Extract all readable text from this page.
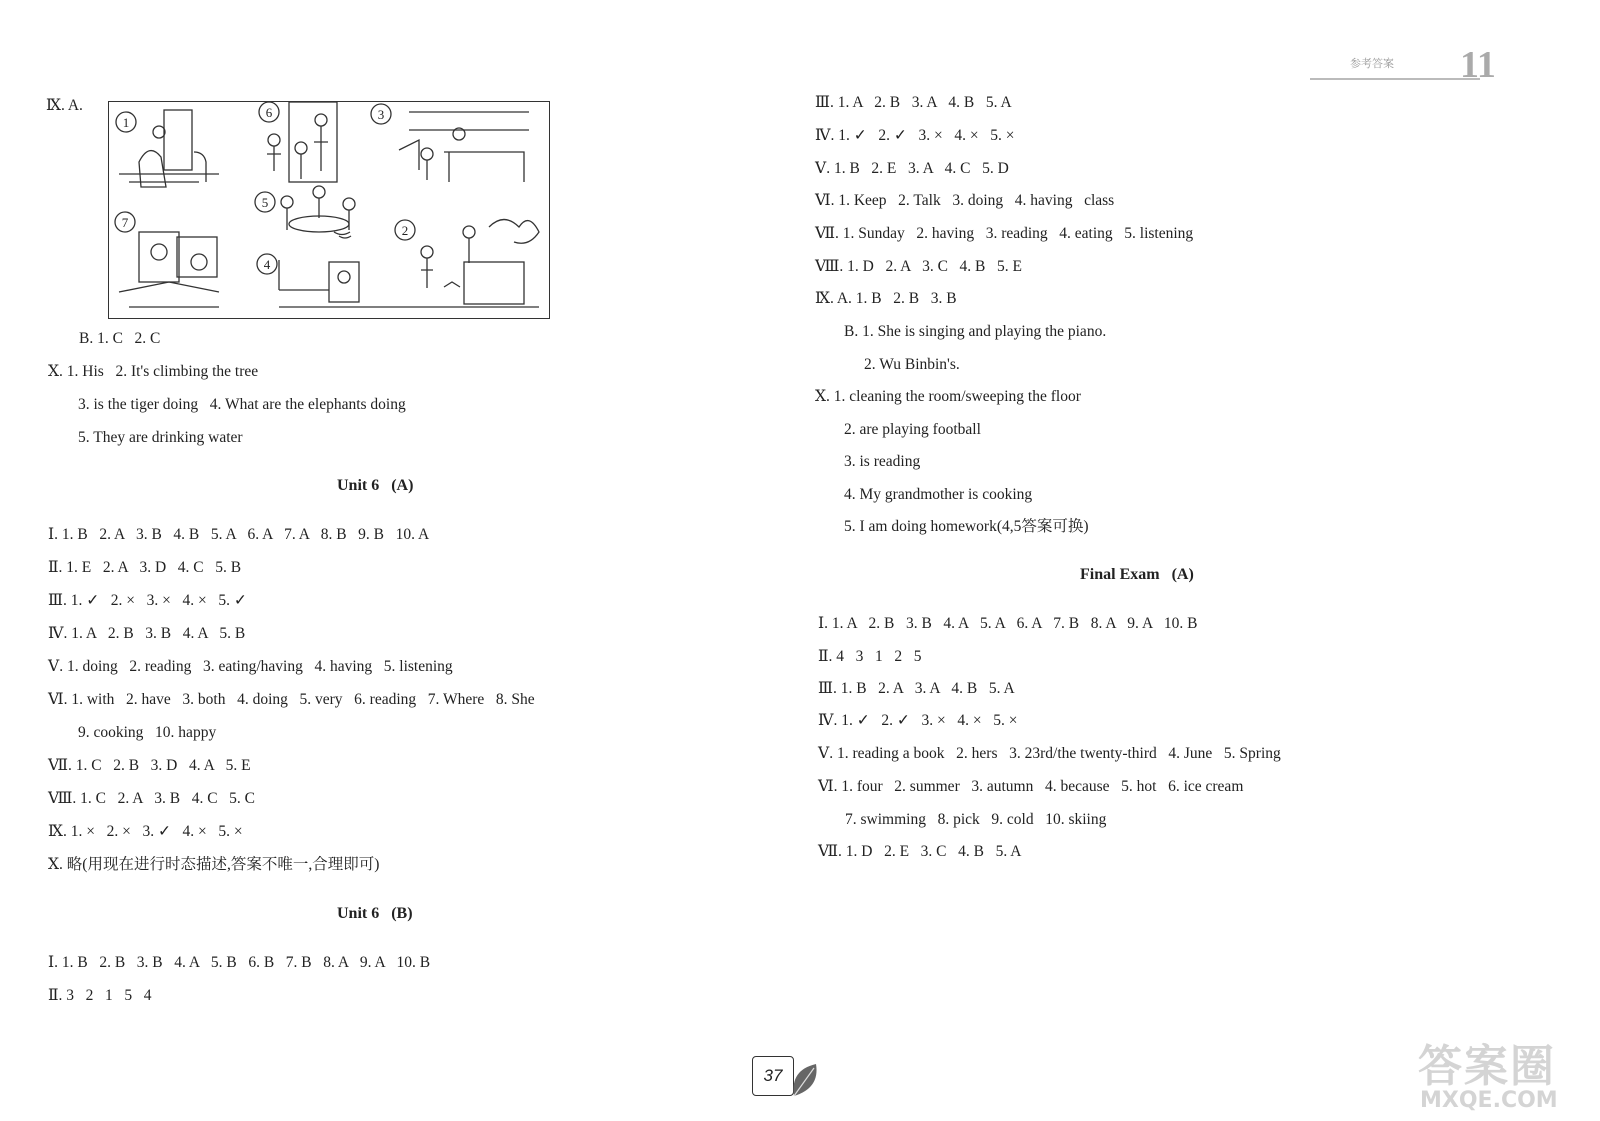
参考答案 11
Ⅸ. A.
1
6	3
7
5
2
4
B. 1. C   2. C
Ⅹ. 1. His   2. It's climbing the tree
3. is the tiger doing   4. What are the elephants doing
5. They are drinking water
Unit 6   (A)
Ⅰ. 1. B   2. A   3. B   4. B   5. A   6. A   7. A   8. B   9. B   10. A
Ⅱ. 1. E   2. A   3. D   4. C   5. B
Ⅲ. 1. ✓   2. ×   3. ×   4. ×   5. ✓
Ⅳ. 1. A   2. B   3. B   4. A   5. B
Ⅴ. 1. doing   2. reading   3. eating/having   4. having   5. listening
Ⅵ. 1. with   2. have   3. both   4. doing   5. very   6. reading   7. Where   8. She
9. cooking   10. happy
Ⅶ. 1. C   2. B   3. D   4. A   5. E
Ⅷ. 1. C   2. A   3. B   4. C   5. C
Ⅸ. 1. ×   2. ×   3. ✓   4. ×   5. ×
Ⅹ. 略(用现在进行时态描述,答案不唯一,合理即可)
Unit 6   (B)
Ⅰ. 1. B   2. B   3. B   4. A   5. B   6. B   7. B   8. A   9. A   10. B
Ⅱ. 3   2   1   5   4
Ⅲ. 1. A   2. B   3. A   4. B   5. A
Ⅳ. 1. ✓   2. ✓   3. ×   4. ×   5. ×
Ⅴ. 1. B   2. E   3. A   4. C   5. D
Ⅵ. 1. Keep   2. Talk   3. doing   4. having   class
Ⅶ. 1. Sunday   2. having   3. reading   4. eating   5. listening
Ⅷ. 1. D   2. A   3. C   4. B   5. E
Ⅸ. A. 1. B   2. B   3. B
B. 1. She is singing and playing the piano.
2. Wu Binbin's.
Ⅹ. 1. cleaning the room/sweeping the floor
2. are playing football
3. is reading
4. My grandmother is cooking
5. I am doing homework(4,5答案可换)
Final Exam   (A)
Ⅰ. 1. A   2. B   3. B   4. A   5. A   6. A   7. B   8. A   9. A   10. B
Ⅱ. 4   3   1   2   5
Ⅲ. 1. B   2. A   3. A   4. B   5. A
Ⅳ. 1. ✓   2. ✓   3. ×   4. ×   5. ×
Ⅴ. 1. reading a book   2. hers   3. 23rd/the twenty-third   4. June   5. Spring
Ⅵ. 1. four   2. summer   3. autumn   4. because   5. hot   6. ice cream
7. swimming   8. pick   9. cold   10. skiing
Ⅶ. 1. D   2. E   3. C   4. B   5. A
37	答案圈
MXQE.COM
